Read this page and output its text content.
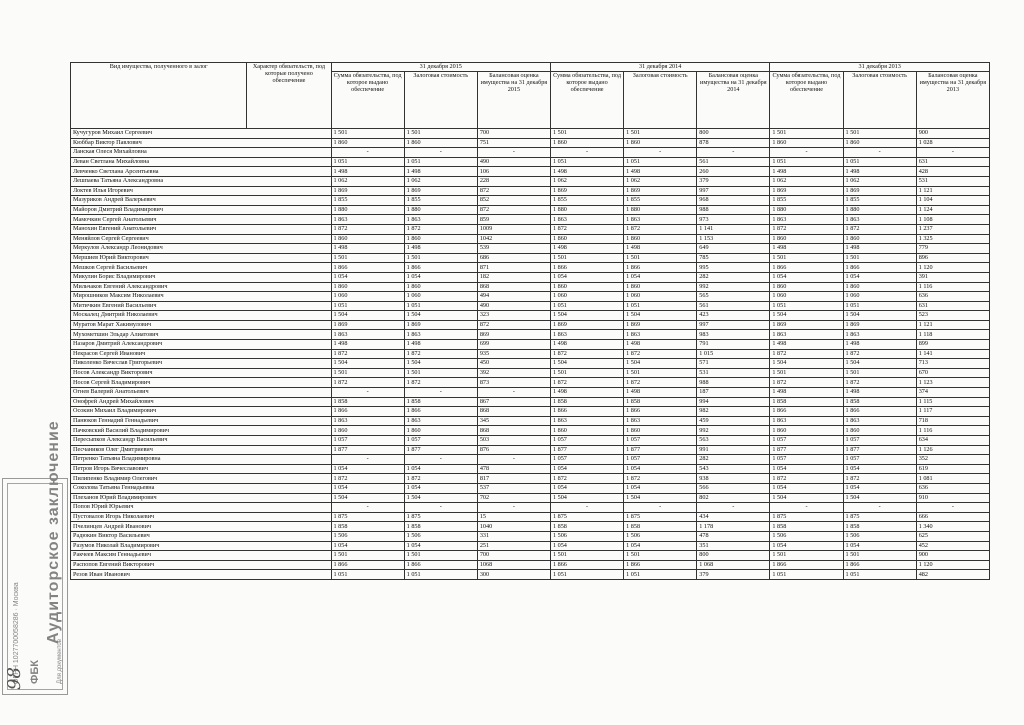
Вид имущества, полученного в залог	Характер обязательств, под которые получено обеспечение	31 декабря 2015			31 декабря 2014			31 декабря 2013		
		Сумма обязательства, под которое выдано обеспечение	Залоговая стоимость	Балансовая оценка имущества на 31 декабря 2015	Сумма обязательства, под которое выдано обеспечение	Залоговая стоимость	Балансовая оценка имущества на 31 декабря 2014	Сумма обязательства, под которое выдано обеспечение	Залоговая стоимость	Балансовая оценка имущества на 31 декабря 2013
Кучугуров Михаил Сергеевич		1 501	1 501	700	1 501	1 501	800	1 501	1 501	900
Кюббар Виктор Павлович		1 860	1 860	751	1 860	1 860	878	1 860	1 860	1 028
Ланская Олеся Михайловна		-	-	-	-	-	-	-	-	-
Леван Светлана Михайловна		1 051	1 051	490	1 051	1 051	561	1 051	1 051	631
Левченко Светлана Арсентьевна		1 498	1 498	106	1 498	1 498	260	1 498	1 498	428
Лешпаева Татьяна Александровна		1 062	1 062	228	1 062	1 062	379	1 062	1 062	531
Локтев Илья Игоревич		1 869	1 869	872	1 869	1 869	997	1 869	1 869	1 121
Мазуриков Андрей Валерьевич		1 855	1 855	852	1 855	1 855	968	1 855	1 855	1 104
Майоров Дмитрий Владимирович		1 880	1 880	872	1 880	1 880	988	1 880	1 880	1 124
Мамочкин Сергей Анатольевич		1 863	1 863	859	1 863	1 863	973	1 863	1 863	1 108
Манохин Евгений Анатольевич		1 872	1 872	1009	1 872	1 872	1 141	1 872	1 872	1 237
Меняйлов Сергей Сергеевич		1 860	1 860	1042	1 860	1 860	1 153	1 860	1 860	1 325
Меркулов Александр Леонидович		1 498	1 498	539	1 498	1 498	649	1 498	1 498	779
Мершиев Юрий Викторович		1 501	1 501	686	1 501	1 501	785	1 501	1 501	896
Мешков Сергей Васильевич		1 866	1 866	871	1 866	1 866	995	1 866	1 866	1 120
Микулин Борис Владимирович		1 054	1 054	182	1 054	1 054	282	1 054	1 054	391
Мильчаков Евгений Александрович		1 860	1 860	868	1 860	1 860	992	1 860	1 860	1 116
Мирошников Максим Николаевич		1 060	1 060	494	1 060	1 060	565	1 060	1 060	636
Митичкин Евгений Васильевич		1 051	1 051	490	1 051	1 051	561	1 051	1 051	631
Москалец Дмитрий Николаевич		1 504	1 504	323	1 504	1 504	423	1 504	1 504	523
Муратов Марат Хакимулович		1 869	1 869	872	1 869	1 869	997	1 869	1 869	1 121
Мухометшин Эльдар Алиатович		1 863	1 863	869	1 863	1 863	983	1 863	1 863	1 118
Назаров Дмитрий Александрович		1 498	1 498	699	1 498	1 498	791	1 498	1 498	899
Некрасов Сергей Иванович		1 872	1 872	935	1 872	1 872	1 015	1 872	1 872	1 141
Николенко Вячеслав Григорьевич		1 504	1 504	450	1 504	1 504	571	1 504	1 504	713
Носов Александр Викторович		1 501	1 501	392	1 501	1 501	531	1 501	1 501	670
Носов Сергей Владимирович		1 872	1 872	873	1 872	1 872	988	1 872	1 872	1 123
Огнев Валерий Анатольевич		-	-	-	1 498	1 498	187	1 498	1 498	374
Онофрей Андрей Михайлович		1 858	1 858	867	1 858	1 858	994	1 858	1 858	1 115
Осокин Михаил Владимирович		1 866	1 866	868	1 866	1 866	982	1 866	1 866	1 117
Панюков Геннадий Геннадьевич		1 863	1 863	345	1 863	1 863	459	1 863	1 863	718
Пачковский Василий Владимирович		1 860	1 860	868	1 860	1 860	992	1 860	1 860	1 116
Пересыпков Александр Васильевич		1 057	1 057	503	1 057	1 057	563	1 057	1 057	634
Песчаников Олег Дмитриевич		1 877	1 877	876	1 877	1 877	991	1 877	1 877	1 126
Петренко Татьяна Владимировна		-	-	-	1 057	1 057	282	1 057	1 057	352
Петров Игорь Вячеславович		1 054	1 054	478	1 054	1 054	543	1 054	1 054	619
Пилипенко Владимир Олегович		1 872	1 872	817	1 872	1 872	938	1 872	1 872	1 081
Соколова Татьяна Геннадьевна		1 054	1 054	537	1 054	1 054	566	1 054	1 054	636
Плеханов Юрий Владимирович		1 504	1 504	702	1 504	1 504	802	1 504	1 504	910
Попов Юрий Юрьевич		-	-	-	-	-	-	-	-	-
Пустовалов Игорь Николаевич		1 875	1 875	15	1 875	1 875	434	1 875	1 875	666
Пчелинцев Андрей Иванович		1 858	1 858	1040	1 858	1 858	1 178	1 858	1 858	1 340
Радюкин Виктор Васильевич		1 506	1 506	331	1 506	1 506	478	1 506	1 506	625
Разумов Николай Владимирович		1 054	1 054	251	1 054	1 054	351	1 054	1 054	452
Ракчеев Максим Геннадьевич		1 501	1 501	700	1 501	1 501	800	1 501	1 501	900
Распопов Евгений Викторович		1 866	1 866	1068	1 866	1 866	1 068	1 866	1 866	1 120
Резов Иван Иванович		1 051	1 051	300	1 051	1 051	379	1 051	1 051	482
ОГРН 1027700058286 · Москва ФБК
Аудиторское заключение
Для документов
98
